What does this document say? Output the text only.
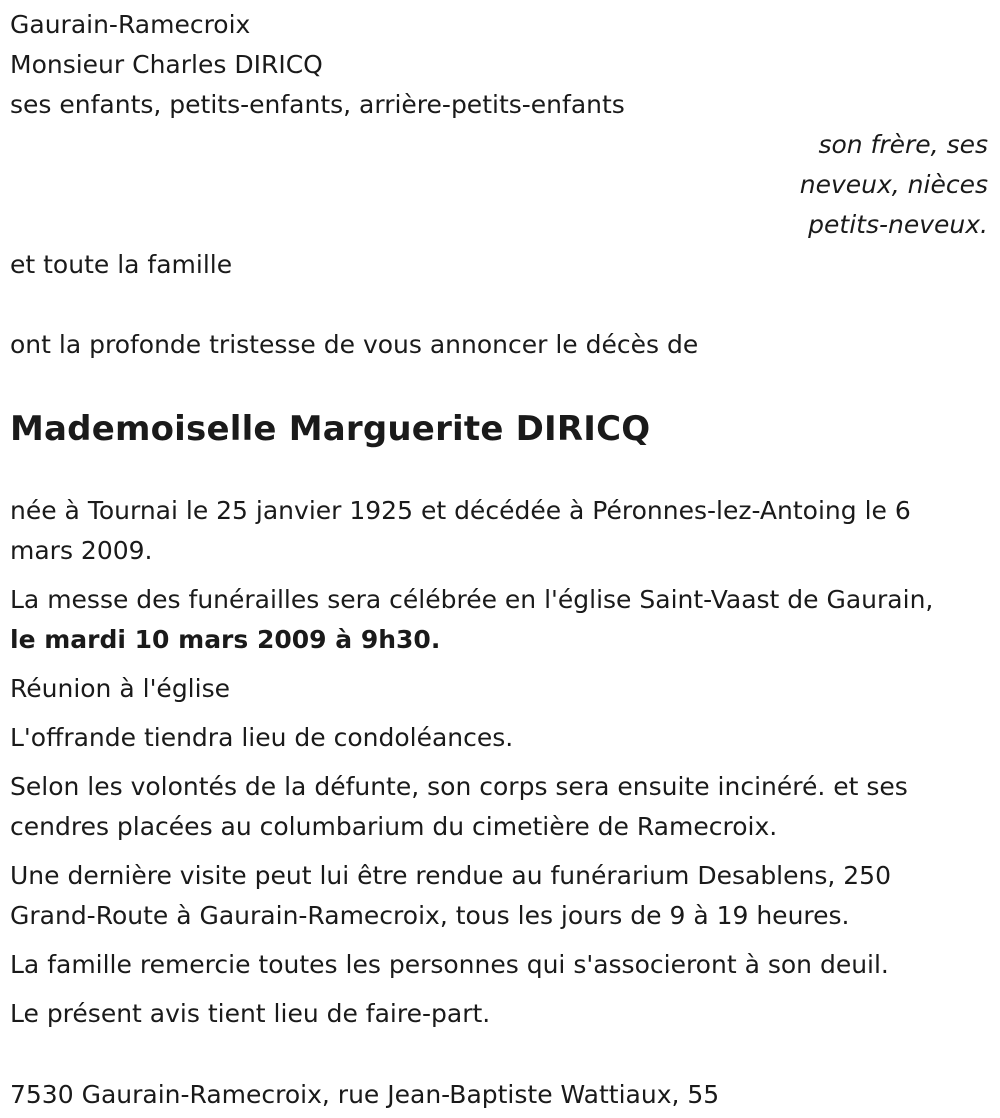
Gaurain-Ramecroix
Monsieur Charles DIRICQ
ses enfants, petits-enfants, arrière-petits-enfants
son frère, ses
neveux, nièces
petits-neveux.
et toute la famille
ont la profonde tristesse de vous annoncer le décès de
Mademoiselle Marguerite DIRICQ
née à Tournai le 25 janvier 1925 et décédée à Péronnes-lez-Antoing le 6
mars 2009.
La messe des funérailles sera célébrée en l'église Saint-Vaast de Gaurain,
le mardi 10 mars 2009 à 9h30.
Réunion à l'église
L'offrande tiendra lieu de condoléances.
Selon les volontés de la défunte, son corps sera ensuite incinéré. et ses
cendres placées au columbarium du cimetière de Ramecroix.
Une dernière visite peut lui être rendue au funérarium Desablens, 250
Grand-Route à Gaurain-Ramecroix, tous les jours de 9 à 19 heures.
La famille remercie toutes les personnes qui s'associeront à son deuil.
Le présent avis tient lieu de faire-part.
7530 Gaurain-Ramecroix, rue Jean-Baptiste Wattiaux, 55
